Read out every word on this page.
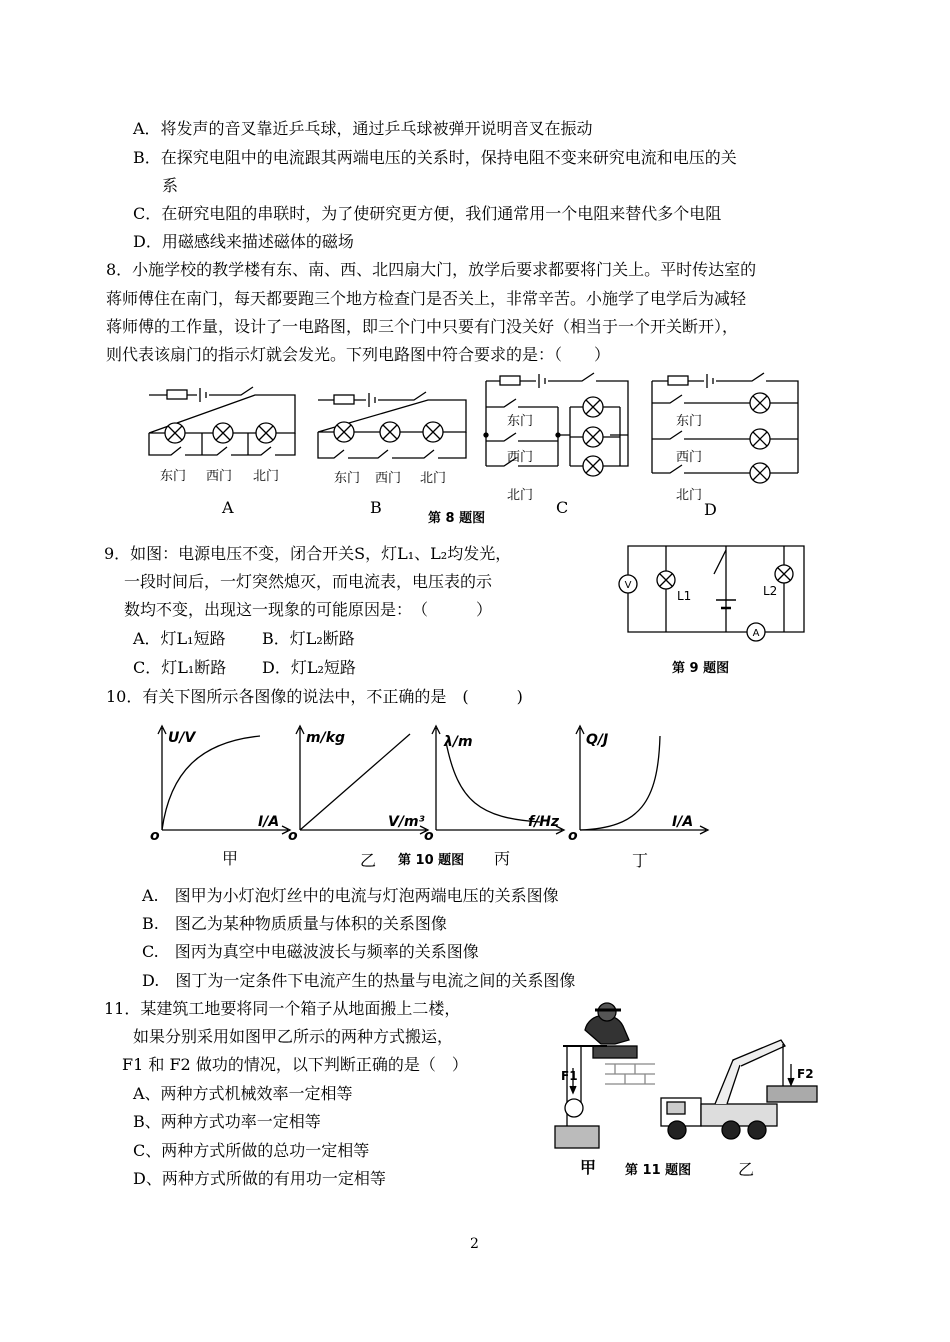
A．将发声的音叉靠近乒乓球，通过乒乓球被弹开说明音叉在振动
B．在探究电阻中的电流跟其两端电压的关系时，保持电阻不变来研究电流和电压的关
系
C．在研究电阻的串联时，为了使研究更方便，我们通常用一个电阻来替代多个电阻
D．用磁感线来描述磁体的磁场
8．小施学校的教学楼有东、南、西、北四扇大门，放学后要求都要将门关上。平时传达室的
蒋师傅住在南门，每天都要跑三个地方检查门是否关上，非常辛苦。小施学了电学后为减轻
蒋师傅的工作量，设计了一电路图，即三个门中只要有门没关好（相当于一个开关断开），
则代表该扇门的指示灯就会发光。下列电路图中符合要求的是：（　　）
东门 西门 北门
A
东门 西门 北门
B
东门
西门
北门
C
东门
西门
北门
D
第 8 题图
9．如图：电源电压不变，闭合开关S，灯L₁、L₂均发光，
一段时间后，一灯突然熄灭，而电流表，电压表的示
数均不变，出现这一现象的可能原因是：　（　　　）
A．灯L₁短路 B．灯L₂断路
C．灯L₁断路 D．灯L₂短路
V
A
L1	L2
第 9 题图
10．有关下图所示各图像的说法中，不正确的是　(　　　)
U/V
I/A
m/kg
V/m³
λ/m
f/Hz
Q/J
I/A
o	o	o	o
甲	乙 第 10 题图 丙	丁
A.　图甲为小灯泡灯丝中的电流与灯泡两端电压的关系图像
B.　图乙为某种物质质量与体积的关系图像
C.　图丙为真空中电磁波波长与频率的关系图像
D.　图丁为一定条件下电流产生的热量与电流之间的关系图像
11．某建筑工地要将同一个箱子从地面搬上二楼，
如果分别采用如图甲乙所示的两种方式搬运，
F1 和 F2 做功的情况，以下判断正确的是（　）
A、两种方式机械效率一定相等
B、两种方式功率一定相等
C、两种方式所做的总功一定相等
D、两种方式所做的有用功一定相等
F1	F2
甲 第 11 题图	乙
2
